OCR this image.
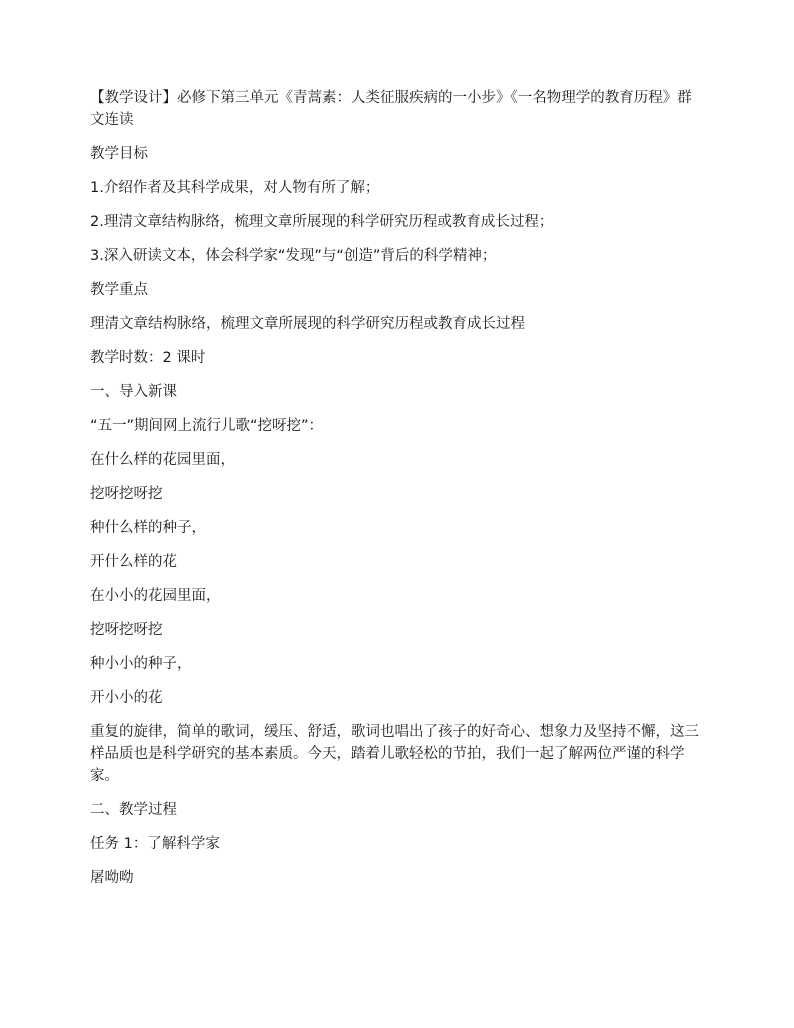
【教学设计】必修下第三单元《青蒿素：人类征服疾病的一小步》《一名物理学的教育历程》群文连读

教学目标

1.介绍作者及其科学成果，对人物有所了解；

2.理清文章结构脉络，梳理文章所展现的科学研究历程或教育成长过程；

3.深入研读文本，体会科学家“发现”与“创造”背后的科学精神；

教学重点

理清文章结构脉络，梳理文章所展现的科学研究历程或教育成长过程

教学时数：2 课时

一、导入新课

“五一”期间网上流行儿歌“挖呀挖”：

在什么样的花园里面，

挖呀挖呀挖

种什么样的种子，

开什么样的花

在小小的花园里面，

挖呀挖呀挖

种小小的种子，

开小小的花

重复的旋律，简单的歌词，缓压、舒适，歌词也唱出了孩子的好奇心、想象力及坚持不懈，这三样品质也是科学研究的基本素质。今天，踏着儿歌轻松的节拍，我们一起了解两位严谨的科学家。

二、教学过程

任务 1：了解科学家

屠呦呦
